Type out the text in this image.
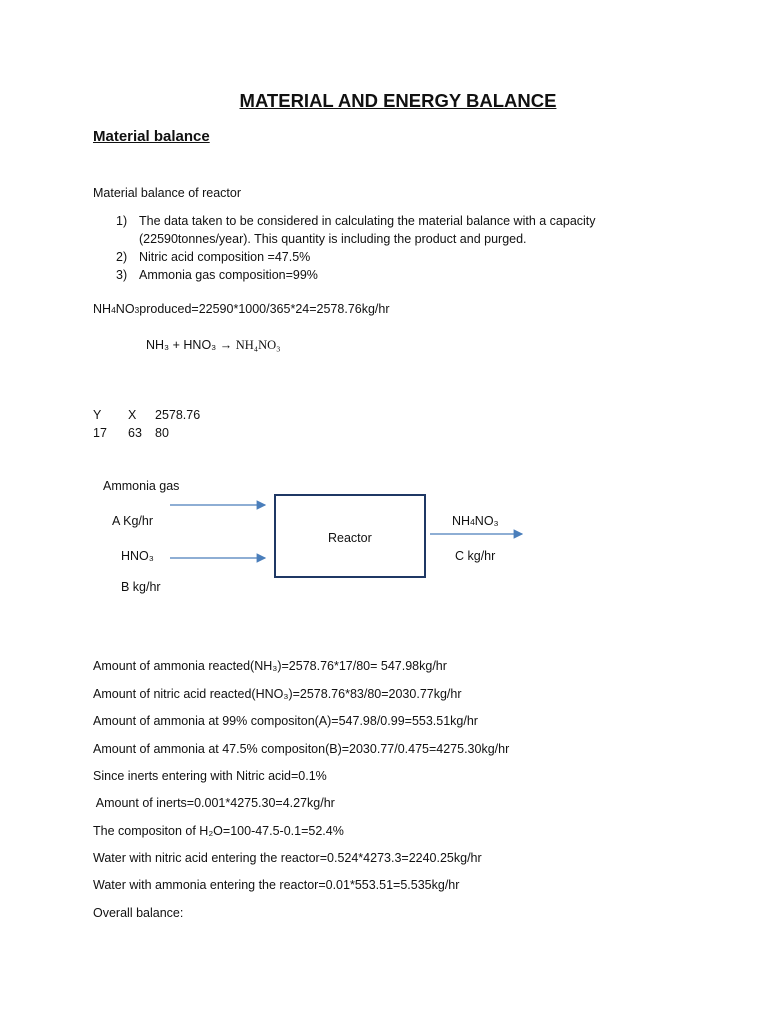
MATERIAL AND ENERGY BALANCE
Material balance
Material balance of reactor
1) The data taken to be considered in calculating the material balance with a capacity
(22590tonnes/year). This quantity is including the product and purged.
2) Nitric acid composition =47.5%
3) Ammonia gas composition=99%
NH4NO3produced=22590*1000/365*24=2578.76kg/hr
NH₃ + HNO₃ → NH₄NO₃
Y X 2578.76
17 63 80
Reactor
Ammonia gas
A Kg/hr
HNO₃
B kg/hr
NH4NO₃
C kg/hr
Amount of ammonia reacted(NH₃)=2578.76*17/80= 547.98kg/hr
Amount of nitric acid reacted(HNO₃)=2578.76*83/80=2030.77kg/hr
Amount of ammonia at 99% compositon(A)=547.98/0.99=553.51kg/hr
Amount of ammonia at 47.5% compositon(B)=2030.77/0.475=4275.30kg/hr
Since inerts entering with Nitric acid=0.1%
Amount of inerts=0.001*4275.30=4.27kg/hr
The compositon of H₂O=100-47.5-0.1=52.4%
Water with nitric acid entering the reactor=0.524*4273.3=2240.25kg/hr
Water with ammonia entering the reactor=0.01*553.51=5.535kg/hr
Overall balance:
